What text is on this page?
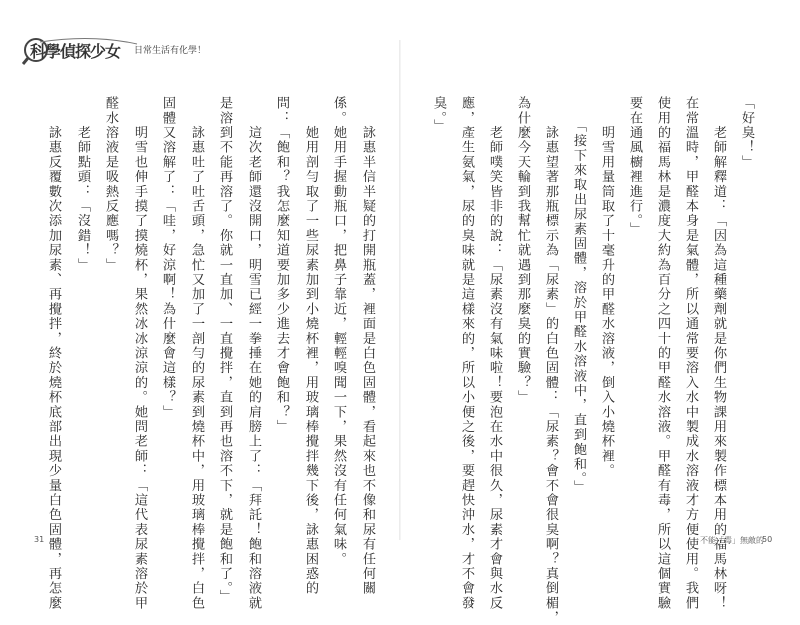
科學偵探少女 日常生活有化學！
　　詠惠半信半疑的打開瓶蓋，裡面是白色固體，看起來也不像和尿有任何關
係。她用手握動瓶口，把鼻子靠近，輕輕嗅聞一下，果然沒有任何氣味。
　　她用剖勻取了一些尿素加到小燒杯裡，用玻璃棒攪拌幾下後，詠惠困惑的
問：「飽和？我怎麼知道要加多少進去才會飽和？」
　　這次老師還沒開口，明雪已經一拳捶在她的肩膀上了：「拜託！飽和溶液就
是溶到不能再溶了。你就一直加、一直攪拌，直到再也溶不下，就是飽和了。」
　　詠惠吐了吐舌頭，急忙又加了一剖勻的尿素到燒杯中，用玻璃棒攪拌，白色
固體又溶解了：「哇，好涼啊！為什麼會這樣？」
　　明雪也伸手摸了摸燒杯，果然冰冰涼涼的。她問老師：「這代表尿素溶於甲
醛水溶液是吸熱反應嗎？」
　　老師點頭：「沒錯！」
　　詠惠反覆數次添加尿素、再攪拌，終於燒杯底部出現少量白色固體，再怎麼	「好臭！」
　　老師解釋道：「因為這種藥劑就是你們生物課用來製作標本用的福馬林呀！
在常溫時，甲醛本身是氣體，所以通常要溶入水中製成水溶液才方便使用。我們
使用的福馬林是濃度大約為百分之四十的甲醛水溶液。甲醛有毒，所以這個實驗
要在通風櫥裡進行。」
　　明雪用量筒取了十毫升的甲醛水溶液，倒入小燒杯裡。
　　「接下來取出尿素固體，溶於甲醛水溶液中，直到飽和。」
　　詠惠望著那瓶標示為「尿素」的白色固體：「尿素？會不會很臭啊？真倒楣，
為什麼今天輪到我幫忙就遇到那麼臭的實驗？」
　　老師噗笑皆非的說：「尿素沒有氣味啦！要泡在水中很久，尿素才會與水反
應，產生氨氣，尿的臭味就是這樣來的，所以小便之後，要趕快沖水，才不會發
臭。」
31	不能「毒」無敵的
50
